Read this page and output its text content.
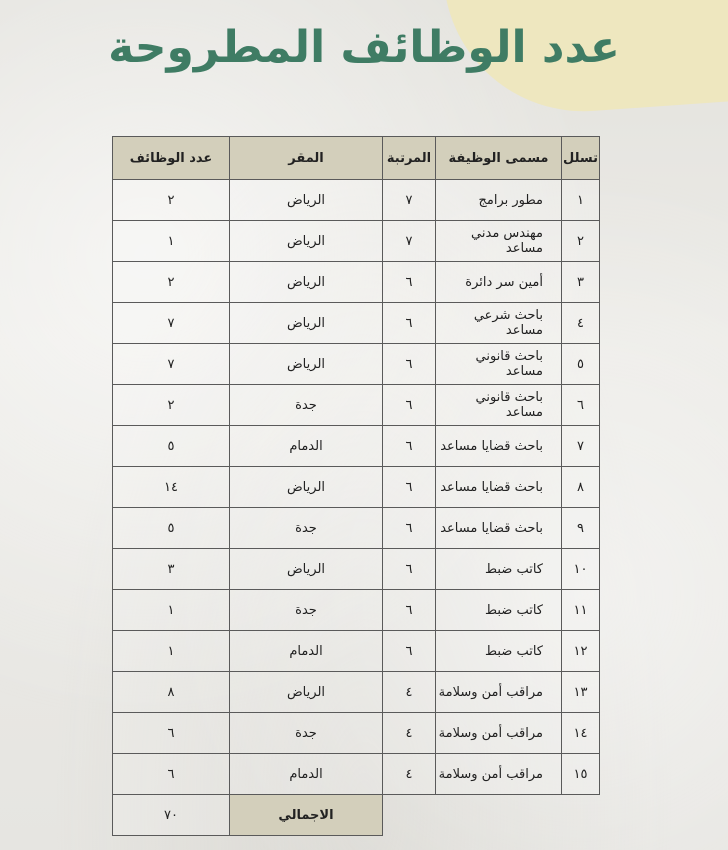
عدد الوظائف المطروحة
تسلل	مسمى الوظيفة	المرتبة	المقر	عدد الوظائف
١	مطور برامج	٧	الرياض	٢
٢	مهندس مدني مساعد	٧	الرياض	١
٣	أمين سر دائرة	٦	الرياض	٢
٤	باحث شرعي مساعد	٦	الرياض	٧
٥	باحث قانوني مساعد	٦	الرياض	٧
٦	باحث قانوني مساعد	٦	جدة	٢
٧	باحث قضايا مساعد	٦	الدمام	٥
٨	باحث قضايا مساعد	٦	الرياض	١٤
٩	باحث قضايا مساعد	٦	جدة	٥
١٠	كاتب ضبط	٦	الرياض	٣
١١	كاتب ضبط	٦	جدة	١
١٢	كاتب ضبط	٦	الدمام	١
١٣	مراقب أمن وسلامة	٤	الرياض	٨
١٤	مراقب أمن وسلامة	٤	جدة	٦
١٥	مراقب أمن وسلامة	٤	الدمام	٦
			الاجمالي	٧٠
